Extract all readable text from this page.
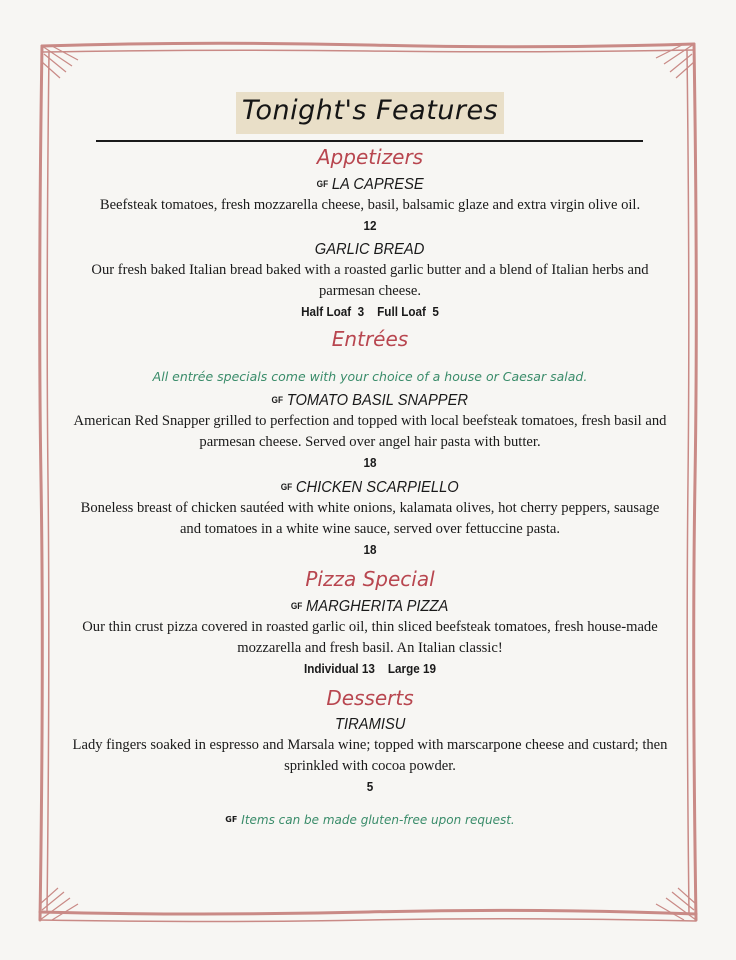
Tonight's Features
Appetizers
GF LA CAPRESE
Beefsteak tomatoes, fresh mozzarella cheese, basil, balsamic glaze and extra virgin olive oil.
12
GARLIC BREAD
Our fresh baked Italian bread baked with a roasted garlic butter and a blend of Italian herbs and parmesan cheese.
Half Loaf  3    Full Loaf  5
Entrées
All entrée specials come with your choice of a house or Caesar salad.
GF TOMATO BASIL SNAPPER
American Red Snapper grilled to perfection and topped with local beefsteak tomatoes, fresh basil and parmesan cheese. Served over angel hair pasta with butter.
18
GF CHICKEN SCARPIELLO
Boneless breast of chicken sautéed with white onions, kalamata olives, hot cherry peppers, sausage and tomatoes in a white wine sauce, served over fettuccine pasta.
18
Pizza Special
GF MARGHERITA PIZZA
Our thin crust pizza covered in roasted garlic oil, thin sliced beefsteak tomatoes, fresh house-made mozzarella and fresh basil. An Italian classic!
Individual 13    Large 19
Desserts
TIRAMISU
Lady fingers soaked in espresso and Marsala wine; topped with marscarpone cheese and custard; then sprinkled with cocoa powder.
5
GF Items can be made gluten-free upon request.
